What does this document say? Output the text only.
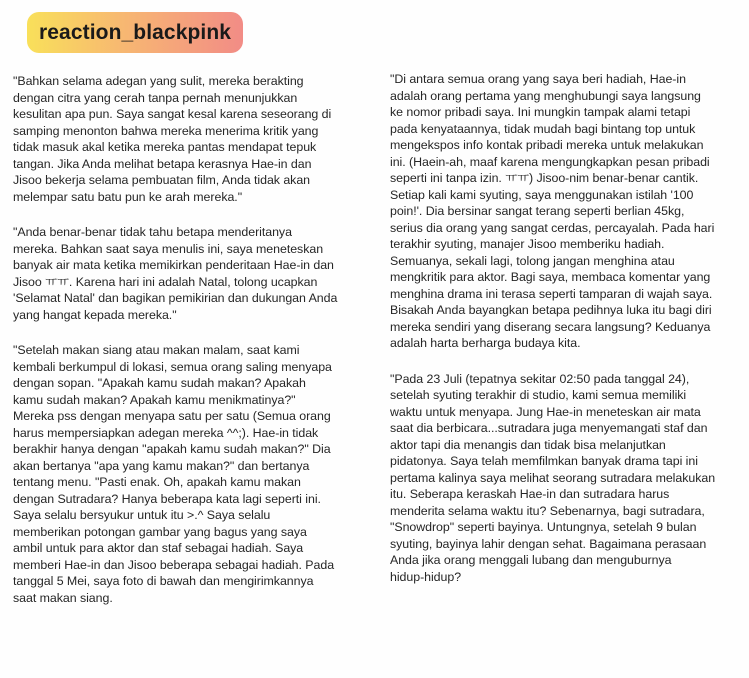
reaction_blackpink

"Bahkan selama adegan yang sulit, mereka berakting
dengan citra yang cerah tanpa pernah menunjukkan
kesulitan apa pun. Saya sangat kesal karena seseorang di
samping menonton bahwa mereka menerima kritik yang
tidak masuk akal ketika mereka pantas mendapat tepuk
tangan. Jika Anda melihat betapa kerasnya Hae-in dan
Jisoo bekerja selama pembuatan film, Anda tidak akan
melempar satu batu pun ke arah mereka."

"Anda benar-benar tidak tahu betapa menderitanya
mereka. Bahkan saat saya menulis ini, saya meneteskan
banyak air mata ketika memikirkan penderitaan Hae-in dan
Jisoo ㅠㅠ. Karena hari ini adalah Natal, tolong ucapkan
'Selamat Natal' dan bagikan pemikirian dan dukungan Anda
yang hangat kepada mereka."

"Setelah makan siang atau makan malam, saat kami
kembali berkumpul di lokasi, semua orang saling menyapa
dengan sopan. "Apakah kamu sudah makan? Apakah
kamu sudah makan? Apakah kamu menikmatinya?"
Mereka pss dengan menyapa satu per satu (Semua orang
harus mempersiapkan adegan mereka ^^;). Hae-in tidak
berakhir hanya dengan "apakah kamu sudah makan?" Dia
akan bertanya "apa yang kamu makan?" dan bertanya
tentang menu. "Pasti enak. Oh, apakah kamu makan
dengan Sutradara? Hanya beberapa kata lagi seperti ini.
Saya selalu bersyukur untuk itu >.^ Saya selalu
memberikan potongan gambar yang bagus yang saya
ambil untuk para aktor dan staf sebagai hadiah. Saya
memberi Hae-in dan Jisoo beberapa sebagai hadiah. Pada
tanggal 5 Mei, saya foto di bawah dan mengirimkannya
saat makan siang.

"Di antara semua orang yang saya beri hadiah, Hae-in
adalah orang pertama yang menghubungi saya langsung
ke nomor pribadi saya. Ini mungkin tampak alami tetapi
pada kenyataannya, tidak mudah bagi bintang top untuk
mengekspos info kontak pribadi mereka untuk melakukan
ini. (Haein-ah, maaf karena mengungkapkan pesan pribadi
seperti ini tanpa izin. ㅠㅠ) Jisoo-nim benar-benar cantik.
Setiap kali kami syuting, saya menggunakan istilah '100
poin!'. Dia bersinar sangat terang seperti berlian 45kg,
serius dia orang yang sangat cerdas, percayalah. Pada hari
terakhir syuting, manajer Jisoo memberiku hadiah.
Semuanya, sekali lagi, tolong jangan menghina atau
mengkritik para aktor. Bagi saya, membaca komentar yang
menghina drama ini terasa seperti tamparan di wajah saya.
Bisakah Anda bayangkan betapa pedihnya luka itu bagi diri
mereka sendiri yang diserang secara langsung? Keduanya
adalah harta berharga budaya kita.

"Pada 23 Juli (tepatnya sekitar 02:50 pada tanggal 24),
setelah syuting terakhir di studio, kami semua memiliki
waktu untuk menyapa. Jung Hae-in meneteskan air mata
saat dia berbicara...sutradara juga menyemangati staf dan
aktor tapi dia menangis dan tidak bisa melanjutkan
pidatonya. Saya telah memfilmkan banyak drama tapi ini
pertama kalinya saya melihat seorang sutradara melakukan
itu. Seberapa keraskah Hae-in dan sutradara harus
menderita selama waktu itu? Sebenarnya, bagi sutradara,
"Snowdrop" seperti bayinya. Untungnya, setelah 9 bulan
syuting, bayinya lahir dengan sehat. Bagaimana perasaan
Anda jika orang menggali lubang dan menguburnya
hidup-hidup?
